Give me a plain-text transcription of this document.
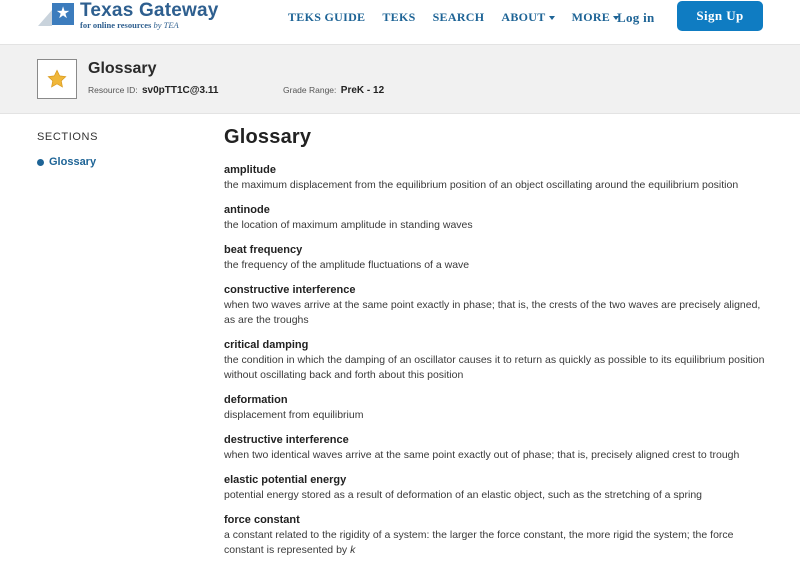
★ Texas Gateway
for online resources by TEA
TEKS GUIDE TEKS SEARCH ABOUT	MORE Log in	Sign Up
Glossary
Resource ID: sv0pTT1C@3.11	Grade Range: PreK - 12
SECTIONS
Glossary
Glossary
amplitude
the maximum displacement from the equilibrium position of an object oscillating around the equilibrium position
antinode
the location of maximum amplitude in standing waves
beat frequency
the frequency of the amplitude fluctuations of a wave
constructive interference
when two waves arrive at the same point exactly in phase; that is, the crests of the two waves are precisely aligned, as are the troughs
critical damping
the condition in which the damping of an oscillator causes it to return as quickly as possible to its equilibrium position without oscillating back and forth about this position
deformation
displacement from equilibrium
destructive interference
when two identical waves arrive at the same point exactly out of phase; that is, precisely aligned crest to trough
elastic potential energy
potential energy stored as a result of deformation of an elastic object, such as the stretching of a spring
force constant
a constant related to the rigidity of a system: the larger the force constant, the more rigid the system; the force constant is represented by k
